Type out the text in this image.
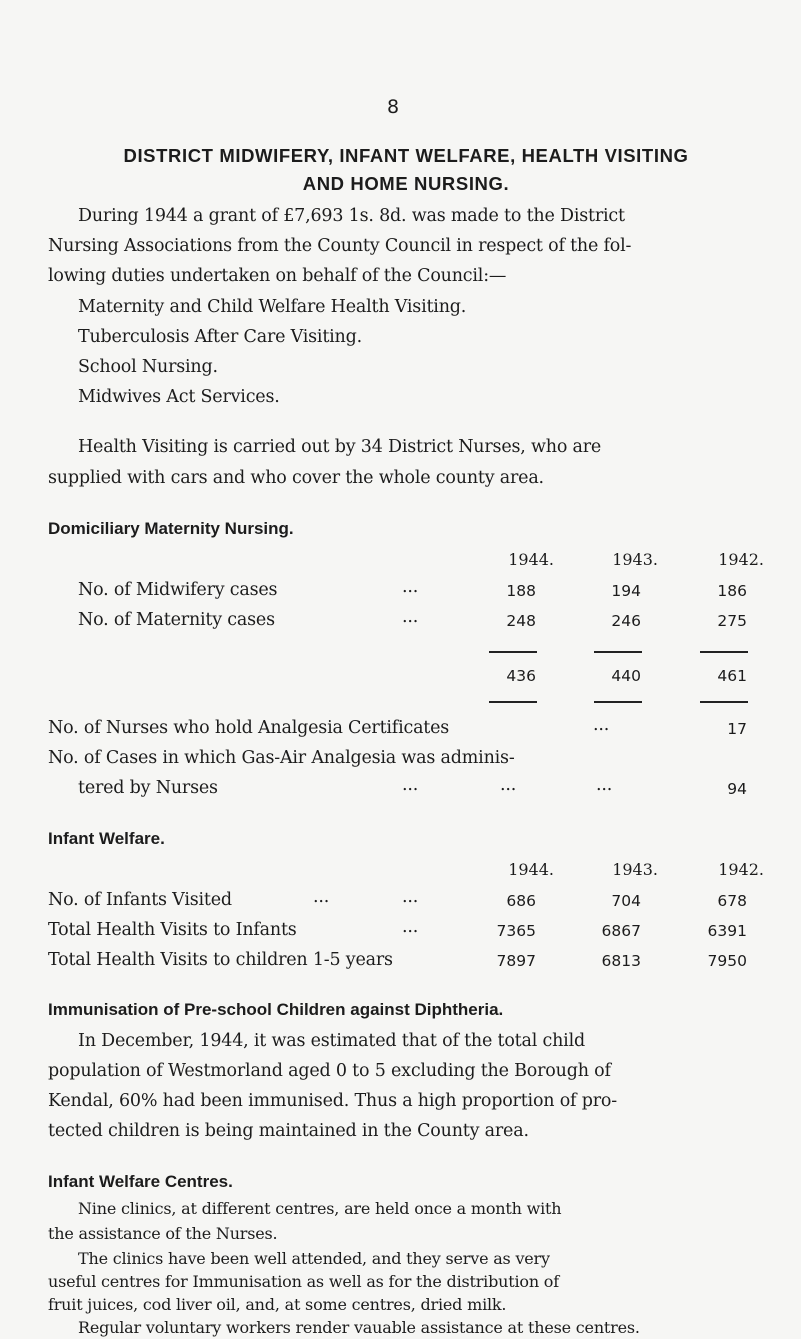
8
DISTRICT MIDWIFERY, INFANT WELFARE, HEALTH VISITING
AND HOME NURSING.
During 1944 a grant of £7,693 1s. 8d. was made to the District
Nursing Associations from the County Council in respect of the fol-
lowing duties undertaken on behalf of the Council:—
Maternity and Child Welfare Health Visiting.
Tuberculosis After Care Visiting.
School Nursing.
Midwives Act Services.
Health Visiting is carried out by 34 District Nurses, who are
supplied with cars and who cover the whole county area.
Domiciliary Maternity Nursing.
1944.	1943.	1942.
No. of Midwifery cases	...	188	194	186
No. of Maternity cases	...	248	246	275
436	440	461
No. of Nurses who hold Analgesia Certificates	...	17
No. of Cases in which Gas-Air Analgesia was adminis-
tered by Nurses	...	...	...	94
Infant Welfare.
1944.	1943.	1942.
No. of Infants Visited	...	...	686	704	678
Total Health Visits to Infants	...	7365	6867	6391
Total Health Visits to children 1-5 years	7897	6813	7950
Immunisation of Pre-school Children against Diphtheria.
In December, 1944, it was estimated that of the total child
population of Westmorland aged 0 to 5 excluding the Borough of
Kendal, 60% had been immunised. Thus a high proportion of pro-
tected children is being maintained in the County area.
Infant Welfare Centres.
Nine clinics, at different centres, are held once a month with
the assistance of the Nurses.
The clinics have been well attended, and they serve as very
useful centres for Immunisation as well as for the distribution of
fruit juices, cod liver oil, and, at some centres, dried milk.
Regular voluntary workers render vauable assistance at these centres.
